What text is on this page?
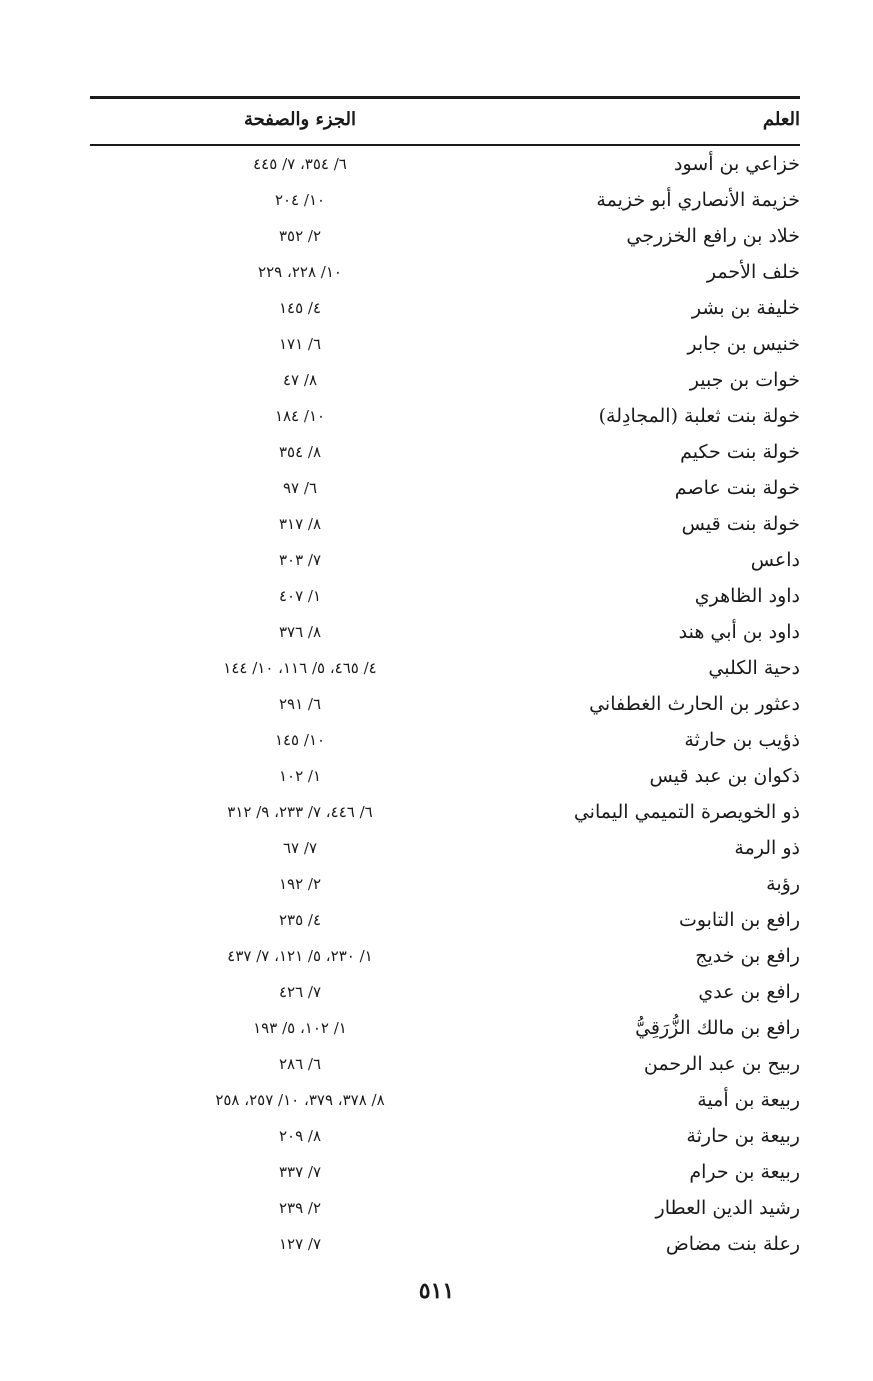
العلم
الجزء والصفحة
خزاعي بن أسود
٦/ ٣٥٤، ٧/ ٤٤٥
خزيمة الأنصاري أبو خزيمة
١٠/ ٢٠٤
خلاد بن رافع الخزرجي
٢/ ٣٥٢
خلف الأحمر
١٠/ ٢٢٨، ٢٢٩
خليفة بن بشر
٤/ ١٤٥
خنيس بن جابر
٦/ ١٧١
خوات بن جبير
٨/ ٤٧
خولة بنت ثعلبة (المجادِلة)
١٠/ ١٨٤
خولة بنت حكيم
٨/ ٣٥٤
خولة بنت عاصم
٦/ ٩٧
خولة بنت قيس
٨/ ٣١٧
داعس
٧/ ٣٠٣
داود الظاهري
١/ ٤٠٧
داود بن أبي هند
٨/ ٣٧٦
دحية الكلبي
٤/ ٤٦٥، ٥/ ١١٦، ١٠/ ١٤٤
دعثور بن الحارث الغطفاني
٦/ ٢٩١
ذؤيب بن حارثة
١٠/ ١٤٥
ذكوان بن عبد قيس
١/ ١٠٢
ذو الخويصرة التميمي اليماني
٦/ ٤٤٦، ٧/ ٢٣٣، ٩/ ٣١٢
ذو الرمة
٧/ ٦٧
رؤبة
٢/ ١٩٢
رافع بن التابوت
٤/ ٢٣٥
رافع بن خديج
١/ ٢٣٠، ٥/ ١٢١، ٧/ ٤٣٧
رافع بن عدي
٧/ ٤٢٦
رافع بن مالك الزُّرَقِيُّ
١/ ١٠٢، ٥/ ١٩٣
ربيح بن عبد الرحمن
٦/ ٢٨٦
ربيعة بن أمية
٨/ ٣٧٨، ٣٧٩، ١٠/ ٢٥٧، ٢٥٨
ربيعة بن حارثة
٨/ ٢٠٩
ربيعة بن حرام
٧/ ٣٣٧
رشيد الدين العطار
٢/ ٢٣٩
رعلة بنت مضاض
٧/ ١٢٧
٥١١
